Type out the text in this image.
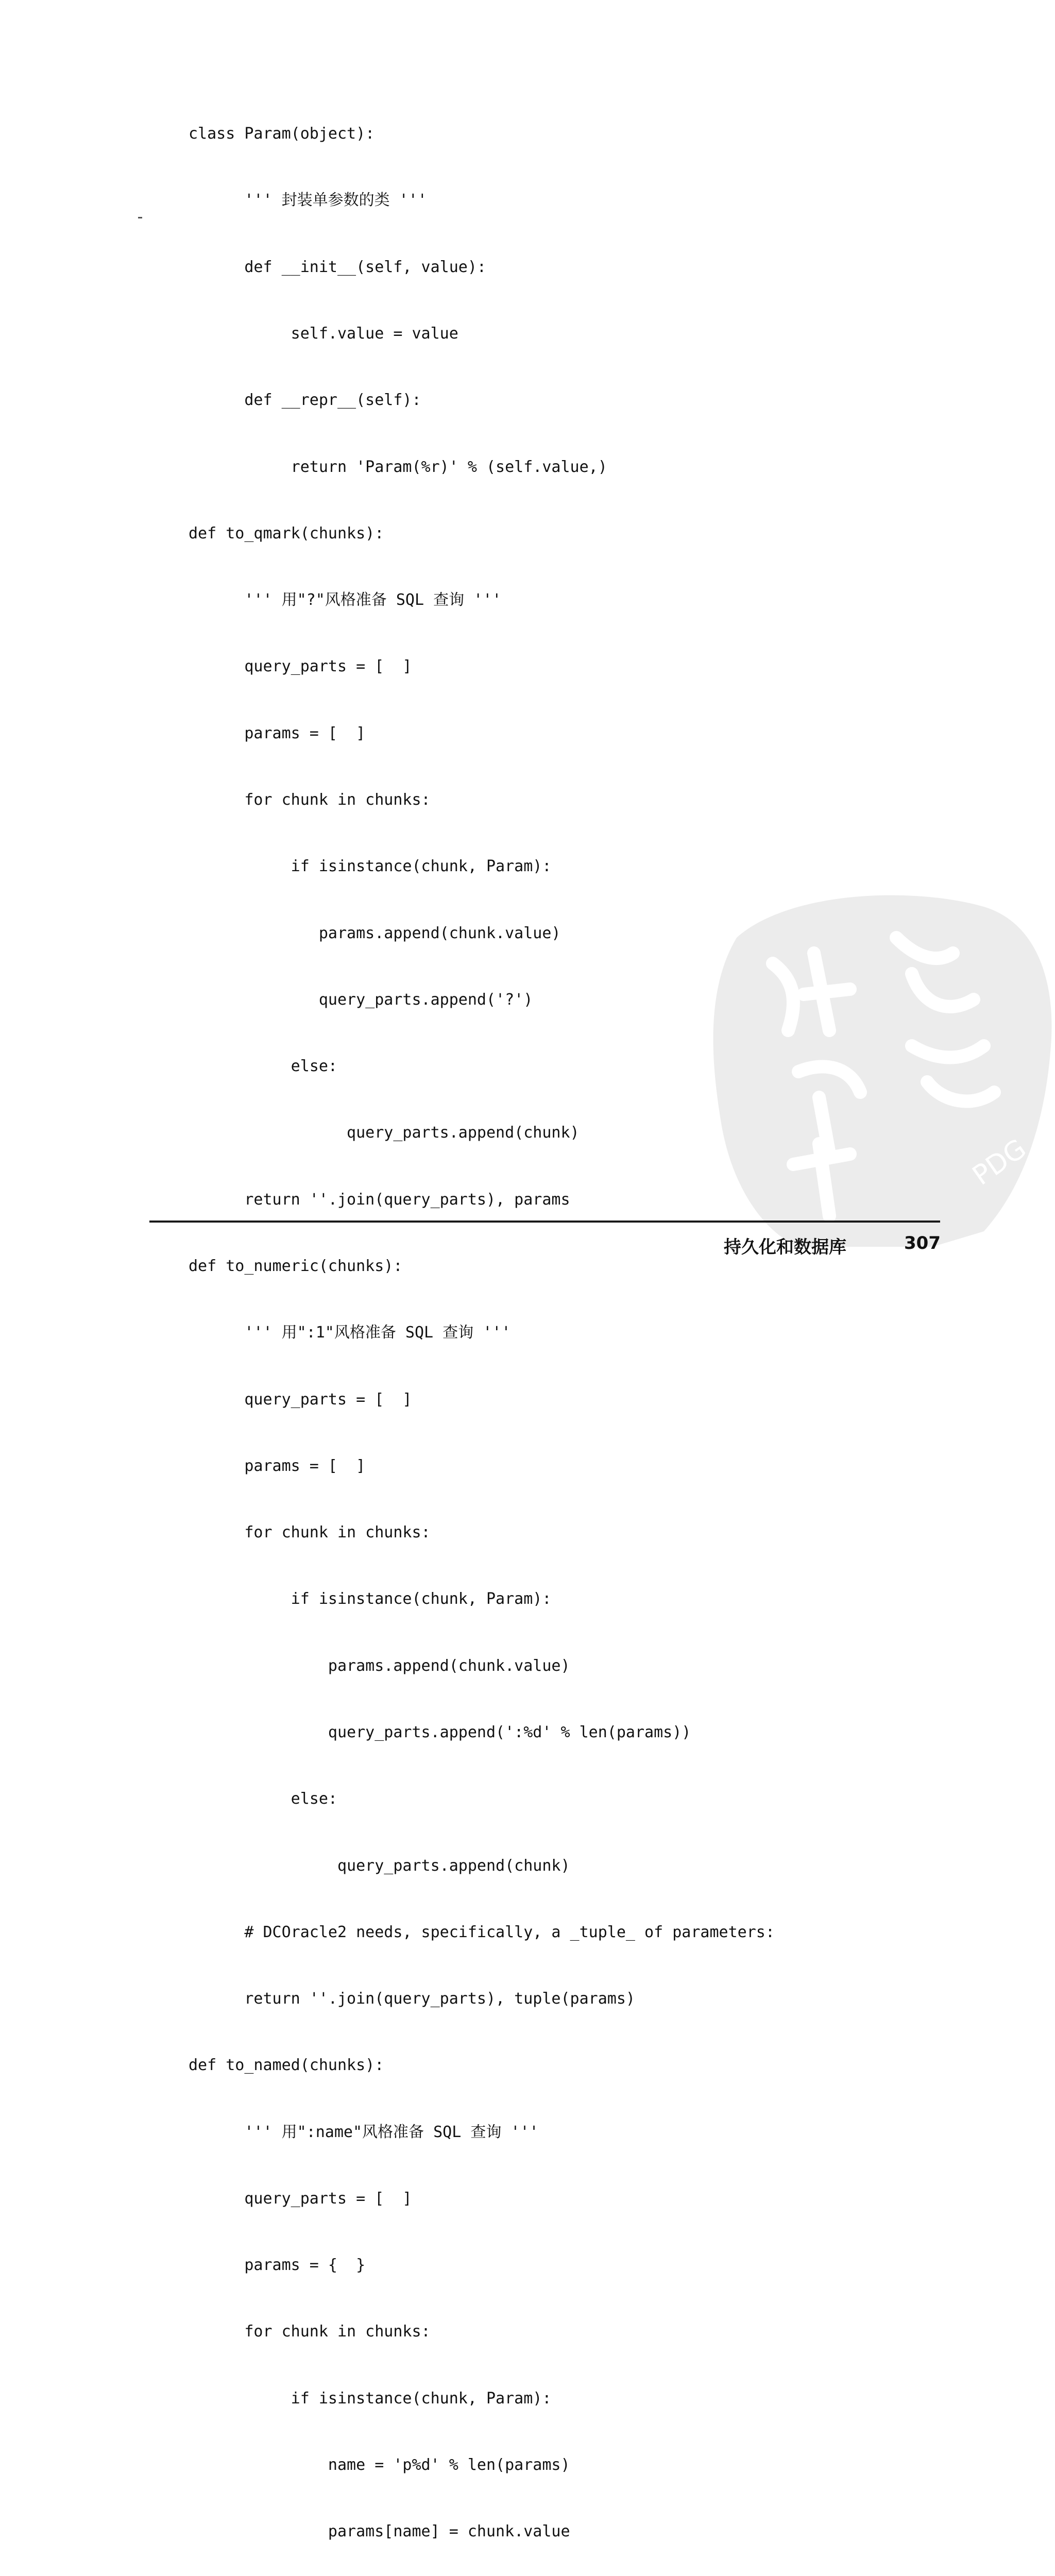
class Param(object):

''' 封装单参数的类 '''

def __init__(self, value):

self.value = value

def __repr__(self):

return 'Param(%r)' % (self.value,)

def to_qmark(chunks):

''' 用"?"风格准备 SQL 查询 '''

query_parts = [  ]

params = [  ]

for chunk in chunks:

if isinstance(chunk, Param):

params.append(chunk.value)

query_parts.append('?')

else:

query_parts.append(chunk)

return ''.join(query_parts), params

def to_numeric(chunks):

''' 用":1"风格准备 SQL 查询 '''

query_parts = [  ]

params = [  ]

for chunk in chunks:

if isinstance(chunk, Param):

params.append(chunk.value)

query_parts.append(':%d' % len(params))

else:

query_parts.append(chunk)

# DCOracle2 needs, specifically, a _tuple_ of parameters:

return ''.join(query_parts), tuple(params)

def to_named(chunks):

''' 用":name"风格准备 SQL 查询 '''

query_parts = [  ]

params = {  }

for chunk in chunks:

if isinstance(chunk, Param):

name = 'p%d' % len(params)

params[name] = chunk.value

PDG
持久化和数据库	307
